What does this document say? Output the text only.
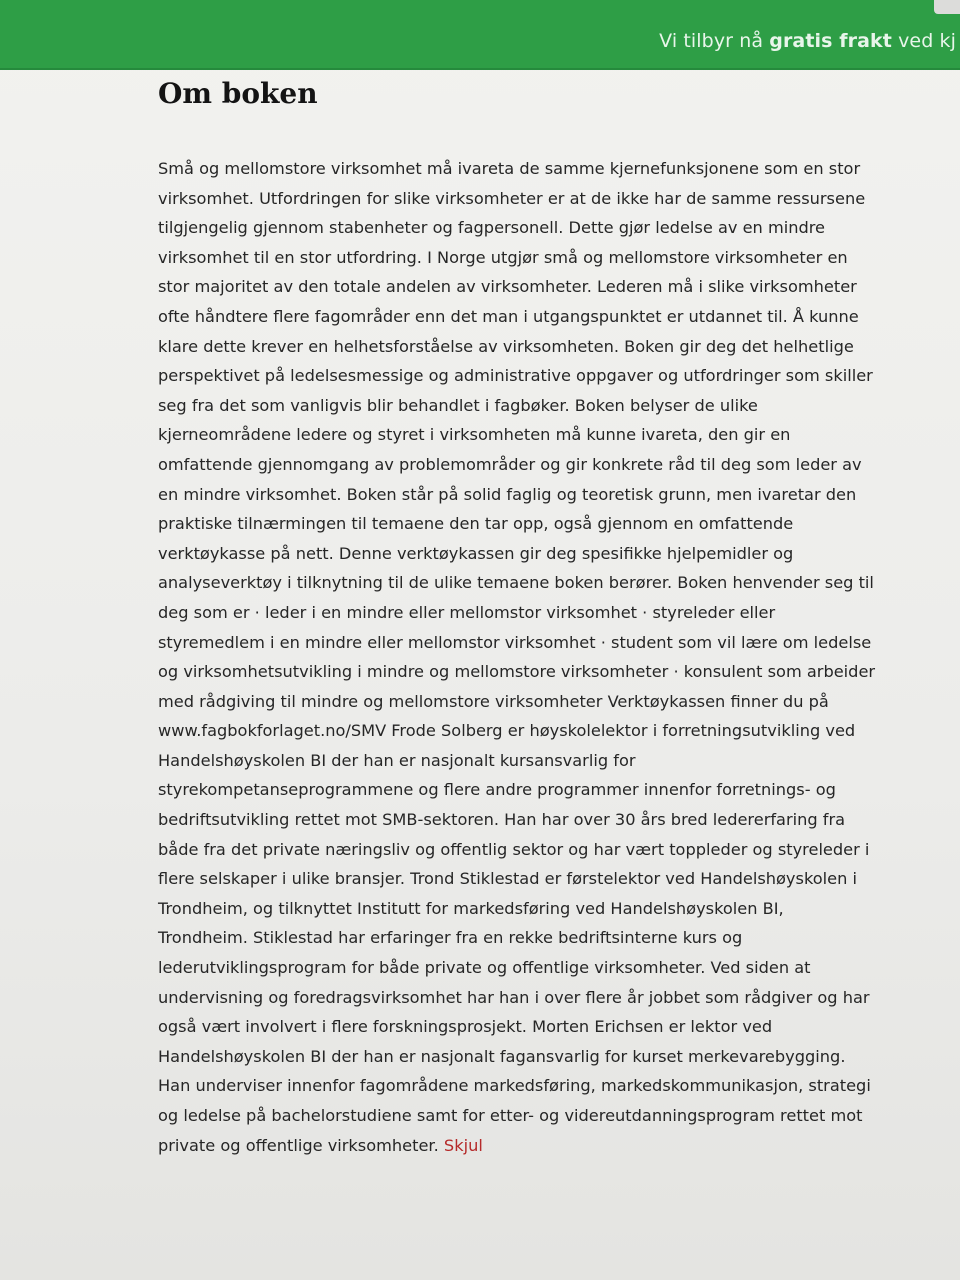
Vi tilbyr nå gratis frakt ved kj
Om boken

Små og mellomstore virksomhet må ivareta de samme kjernefunksjonene som en stor virksomhet. Utfordringen for slike virksomheter er at de ikke har de samme ressursene tilgjengelig gjennom stabenheter og fagpersonell. Dette gjør ledelse av en mindre virksomhet til en stor utfordring. I Norge utgjør små og mellomstore virksomheter en stor majoritet av den totale andelen av virksomheter. Lederen må i slike virksomheter ofte håndtere flere fagområder enn det man i utgangspunktet er utdannet til. Å kunne klare dette krever en helhetsforståelse av virksomheten. Boken gir deg det helhetlige perspektivet på ledelsesmessige og administrative oppgaver og utfordringer som skiller seg fra det som vanligvis blir behandlet i fagbøker. Boken belyser de ulike kjerneområdene ledere og styret i virksomheten må kunne ivareta, den gir en omfattende gjennomgang av problemområder og gir konkrete råd til deg som leder av en mindre virksomhet. Boken står på solid faglig og teoretisk grunn, men ivaretar den praktiske tilnærmingen til temaene den tar opp, også gjennom en omfattende verktøykasse på nett. Denne verktøykassen gir deg spesifikke hjelpemidler og analyseverktøy i tilknytning til de ulike temaene boken berører. Boken henvender seg til deg som er · leder i en mindre eller mellomstor virksomhet · styreleder eller styremedlem i en mindre eller mellomstor virksomhet · student som vil lære om ledelse og virksomhetsutvikling i mindre og mellomstore virksomheter · konsulent som arbeider med rådgiving til mindre og mellomstore virksomheter Verktøykassen finner du på www.fagbokforlaget.no/SMV Frode Solberg er høyskolelektor i forretningsutvikling ved Handelshøyskolen BI der han er nasjonalt kursansvarlig for styrekompetanseprogrammene og flere andre programmer innenfor forretnings- og bedriftsutvikling rettet mot SMB-sektoren. Han har over 30 års bred ledererfaring fra både fra det private næringsliv og offentlig sektor og har vært toppleder og styreleder i flere selskaper i ulike bransjer. Trond Stiklestad er førstelektor ved Handelshøyskolen i Trondheim, og tilknyttet Institutt for markedsføring ved Handelshøyskolen BI, Trondheim. Stiklestad har erfaringer fra en rekke bedriftsinterne kurs og lederutviklingsprogram for både private og offentlige virksomheter. Ved siden at undervisning og foredragsvirksomhet har han i over flere år jobbet som rådgiver og har også vært involvert i flere forskningsprosjekt. Morten Erichsen er lektor ved Handelshøyskolen BI der han er nasjonalt fagansvarlig for kurset merkevarebygging. Han underviser innenfor fagområdene markedsføring, markedskommunikasjon, strategi og ledelse på bachelorstudiene samt for etter- og videreutdanningsprogram rettet mot private og offentlige virksomheter. Skjul
